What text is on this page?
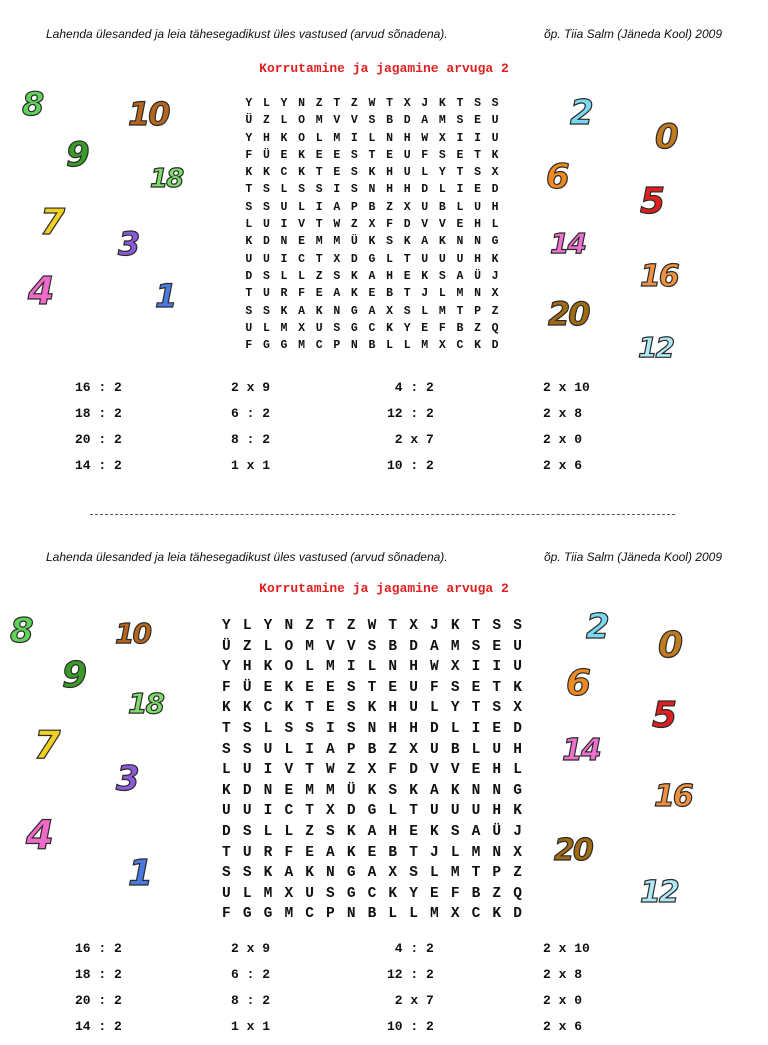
Lahenda ülesanded ja leia tähesegadikust üles vastused (arvud sõnadena).	õp. Tiia Salm (Jäneda Kool) 2009
Korrutamine ja jagamine arvuga 2
Y L Y N Z T Z W T X J K T S S
Ü Z L O M V V S B D A M S E U
Y H K O L M I L N H W X I I U
F Ü E K E E S T E U F S E T K
K K C K T E S K H U L Y T S X
T S L S S I S N H H D L I E D
S S U L I A P B Z X U B L U H
L U I V T W Z X F D V V E H L
K D N E M M Ü K S K A K N N G
U U I C T X D G L T U U U H K
D S L L Z S K A H E K S A Ü J
T U R F E A K E B T J L M N X
S S K A K N G A X S L M T P Z
U L M X U S G C K Y E F B Z Q
F G G M C P N B L L M X C K D
16 : 2	2 x 9	4 : 2	2 x 10
18 : 2	6 : 2	12 : 2	2 x 8
20 : 2	8 : 2	2 x 7	2 x 0
14 : 2	1 x 1	10 : 2	2 x 6
8	10
9
18
7
3
4	1
2
0
6
5
14
16
20
12
Lahenda ülesanded ja leia tähesegadikust üles vastused (arvud sõnadena).	õp. Tiia Salm (Jäneda Kool) 2009
Korrutamine ja jagamine arvuga 2
Y L Y N Z T Z W T X J K T S S
Ü Z L O M V V S B D A M S E U
Y H K O L M I L N H W X I I U
F Ü E K E E S T E U F S E T K
K K C K T E S K H U L Y T S X
T S L S S I S N H H D L I E D
S S U L I A P B Z X U B L U H
L U I V T W Z X F D V V E H L
K D N E M M Ü K S K A K N N G
U U I C T X D G L T U U U H K
D S L L Z S K A H E K S A Ü J
T U R F E A K E B T J L M N X
S S K A K N G A X S L M T P Z
U L M X U S G C K Y E F B Z Q
F G G M C P N B L L M X C K D
16 : 2	2 x 9	4 : 2	2 x 10
18 : 2	6 : 2	12 : 2	2 x 8
20 : 2	8 : 2	2 x 7	2 x 0
14 : 2	1 x 1	10 : 2	2 x 6
8	10
9
18
7
3
4
1
2 0
6
5
14
16
20
12
